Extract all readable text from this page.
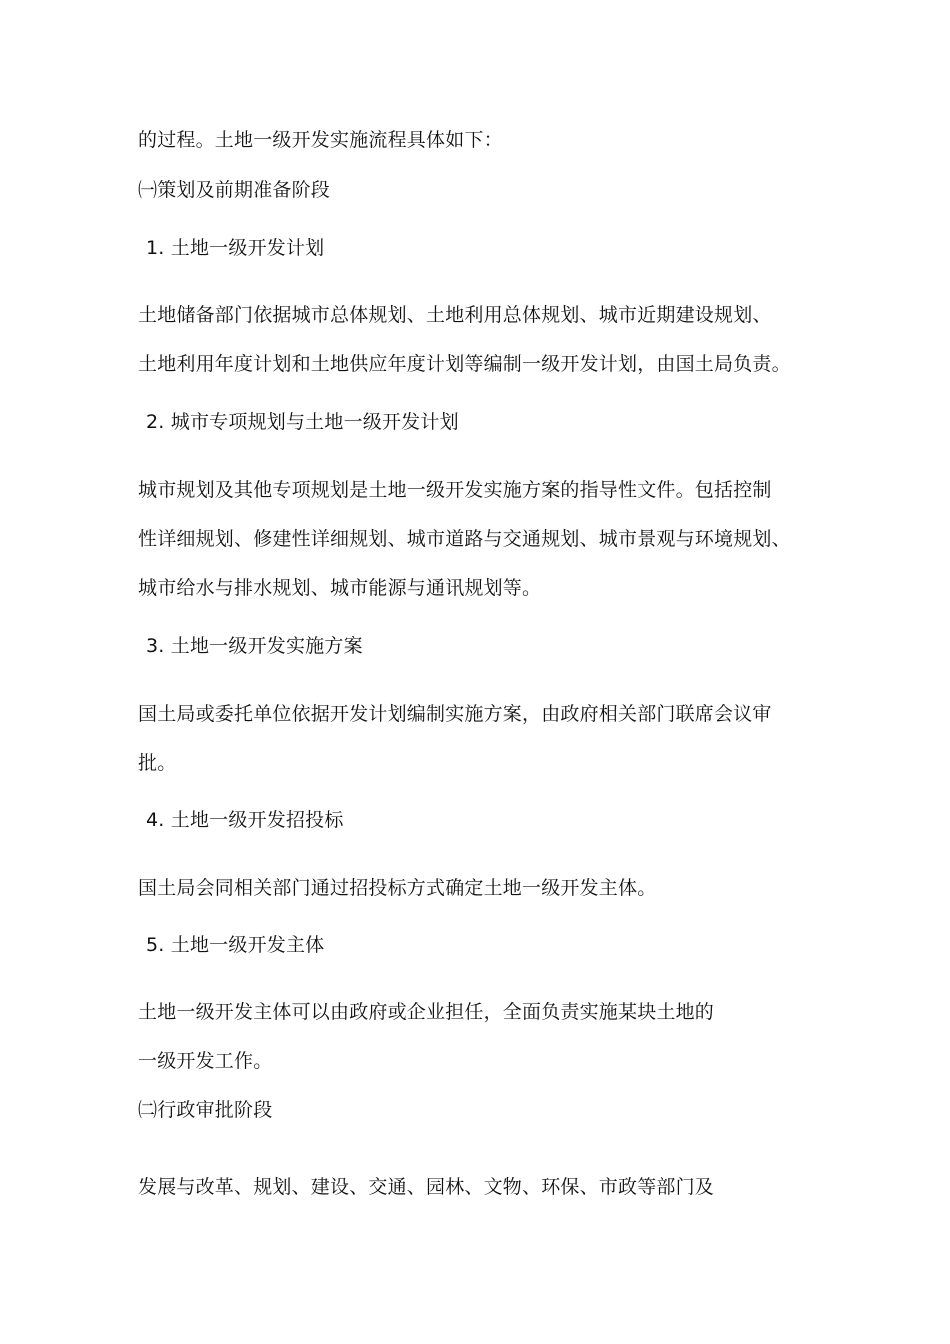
的过程。土地一级开发实施流程具体如下：
㈠策划及前期准备阶段
1. 土地一级开发计划
土地储备部门依据城市总体规划、土地利用总体规划、城市近期建设规划、
土地利用年度计划和土地供应年度计划等编制一级开发计划，由国土局负责。
2. 城市专项规划与土地一级开发计划
城市规划及其他专项规划是土地一级开发实施方案的指导性文件。包括控制
性详细规划、修建性详细规划、城市道路与交通规划、城市景观与环境规划、
城市给水与排水规划、城市能源与通讯规划等。
3. 土地一级开发实施方案
国土局或委托单位依据开发计划编制实施方案，由政府相关部门联席会议审
批。
4. 土地一级开发招投标
国土局会同相关部门通过招投标方式确定土地一级开发主体。
5. 土地一级开发主体
土地一级开发主体可以由政府或企业担任，全面负责实施某块土地的
一级开发工作。
㈡行政审批阶段
发展与改革、规划、建设、交通、园林、文物、环保、市政等部门及
